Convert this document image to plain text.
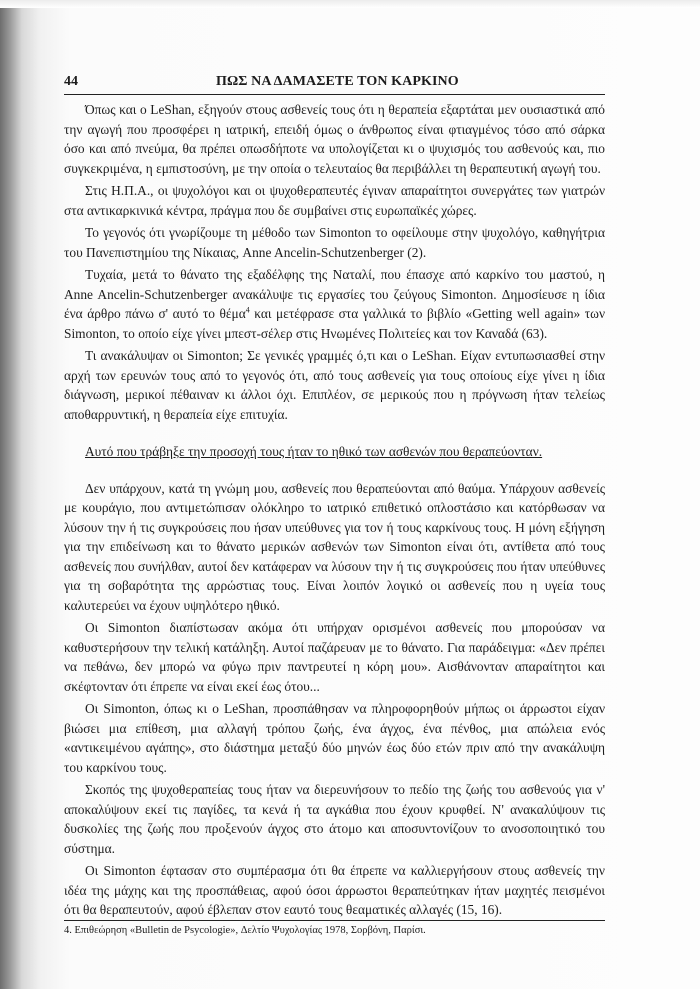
44	ΠΩΣ ΝΑ ΔΑΜΑΣΕΤΕ ΤΟΝ ΚΑΡΚΙΝΟ

Όπως και ο LeShan, εξηγούν στους ασθενείς τους ότι η θεραπεία εξαρτάται μεν ουσιαστικά από την αγωγή που προσφέρει η ιατρική, επειδή όμως ο άνθρωπος είναι φτιαγμένος τόσο από σάρκα όσο και από πνεύμα, θα πρέπει οπωσδήποτε να υπολογίζεται κι ο ψυχισμός του ασθενούς και, πιο συγκεκριμένα, η εμπιστοσύνη, με την οποία ο τελευταίος θα περιβάλλει τη θεραπευτική αγωγή του.

Στις Η.Π.Α., οι ψυχολόγοι και οι ψυχοθεραπευτές έγιναν απαραίτητοι συνεργάτες των γιατρών στα αντικαρκινικά κέντρα, πράγμα που δε συμβαίνει στις ευρωπαϊκές χώρες.

Το γεγονός ότι γνωρίζουμε τη μέθοδο των Simonton το οφείλουμε στην ψυχολόγο, καθηγήτρια του Πανεπιστημίου της Νίκαιας, Anne Ancelin-Schutzenberger (2).

Τυχαία, μετά το θάνατο της εξαδέλφης της Ναταλί, που έπασχε από καρκίνο του μαστού, η Anne Ancelin-Schutzenberger ανακάλυψε τις εργασίες του ζεύγους Simonton. Δημοσίευσε η ίδια ένα άρθρο πάνω σ' αυτό το θέμα$^4$ και μετέφρασε στα γαλλικά το βιβλίο «Getting well again» των Simonton, το οποίο είχε γίνει μπεστ-σέλερ στις Ηνωμένες Πολιτείες και τον Καναδά (63).

Τι ανακάλυψαν οι Simonton; Σε γενικές γραμμές ό,τι και ο LeShan. Είχαν εντυπωσιασθεί στην αρχή των ερευνών τους από το γεγονός ότι, από τους ασθενείς για τους οποίους είχε γίνει η ίδια διάγνωση, μερικοί πέθαιναν κι άλλοι όχι. Επιπλέον, σε μερικούς που η πρόγνωση ήταν τελείως αποθαρρυντική, η θεραπεία είχε επιτυχία.

Αυτό που τράβηξε την προσοχή τους ήταν το ηθικό των ασθενών που θεραπεύονταν.

Δεν υπάρχουν, κατά τη γνώμη μου, ασθενείς που θεραπεύονται από θαύμα. Υπάρχουν ασθενείς με κουράγιο, που αντιμετώπισαν ολόκληρο το ιατρικό επιθετικό οπλοστάσιο και κατόρθωσαν να λύσουν την ή τις συγκρούσεις που ήσαν υπεύθυνες για τον ή τους καρκίνους τους. Η μόνη εξήγηση για την επιδείνωση και το θάνατο μερικών ασθενών των Simonton είναι ότι, αντίθετα από τους ασθενείς που συνήλθαν, αυτοί δεν κατάφεραν να λύσουν την ή τις συγκρούσεις που ήταν υπεύθυνες για τη σοβαρότητα της αρρώστιας τους. Είναι λοιπόν λογικό οι ασθενείς που η υγεία τους καλυτερεύει να έχουν υψηλότερο ηθικό.

Οι Simonton διαπίστωσαν ακόμα ότι υπήρχαν ορισμένοι ασθενείς που μπορούσαν να καθυστερήσουν την τελική κατάληξη. Αυτοί παζάρευαν με το θάνατο. Για παράδειγμα: «Δεν πρέπει να πεθάνω, δεν μπορώ να φύγω πριν παντρευτεί η κόρη μου». Αισθάνονταν απαραίτητοι και σκέφτονταν ότι έπρεπε να είναι εκεί έως ότου...

Οι Simonton, όπως κι ο LeShan, προσπάθησαν να πληροφορηθούν μήπως οι άρρωστοι είχαν βιώσει μια επίθεση, μια αλλαγή τρόπου ζωής, ένα άγχος, ένα πένθος, μια απώλεια ενός «αντικειμένου αγάπης», στο διάστημα μεταξύ δύο μηνών έως δύο ετών πριν από την ανακάλυψη του καρκίνου τους.

Σκοπός της ψυχοθεραπείας τους ήταν να διερευνήσουν το πεδίο της ζωής του ασθενούς για ν' αποκαλύψουν εκεί τις παγίδες, τα κενά ή τα αγκάθια που έχουν κρυφθεί. Ν' ανακαλύψουν τις δυσκολίες της ζωής που προξενούν άγχος στο άτομο και αποσυντονίζουν το ανοσοποιητικό του σύστημα.

Οι Simonton έφτασαν στο συμπέρασμα ότι θα έπρεπε να καλλιεργήσουν στους ασθενείς την ιδέα της μάχης και της προσπάθειας, αφού όσοι άρρωστοι θεραπεύτηκαν ήταν μαχητές πεισμένοι ότι θα θεραπευτούν, αφού έβλεπαν στον εαυτό τους θεαματικές αλλαγές (15, 16).

4. Επιθεώρηση «Bulletin de Psycologie», Δελτίο Ψυχολογίας 1978, Σορβόνη, Παρίσι.
